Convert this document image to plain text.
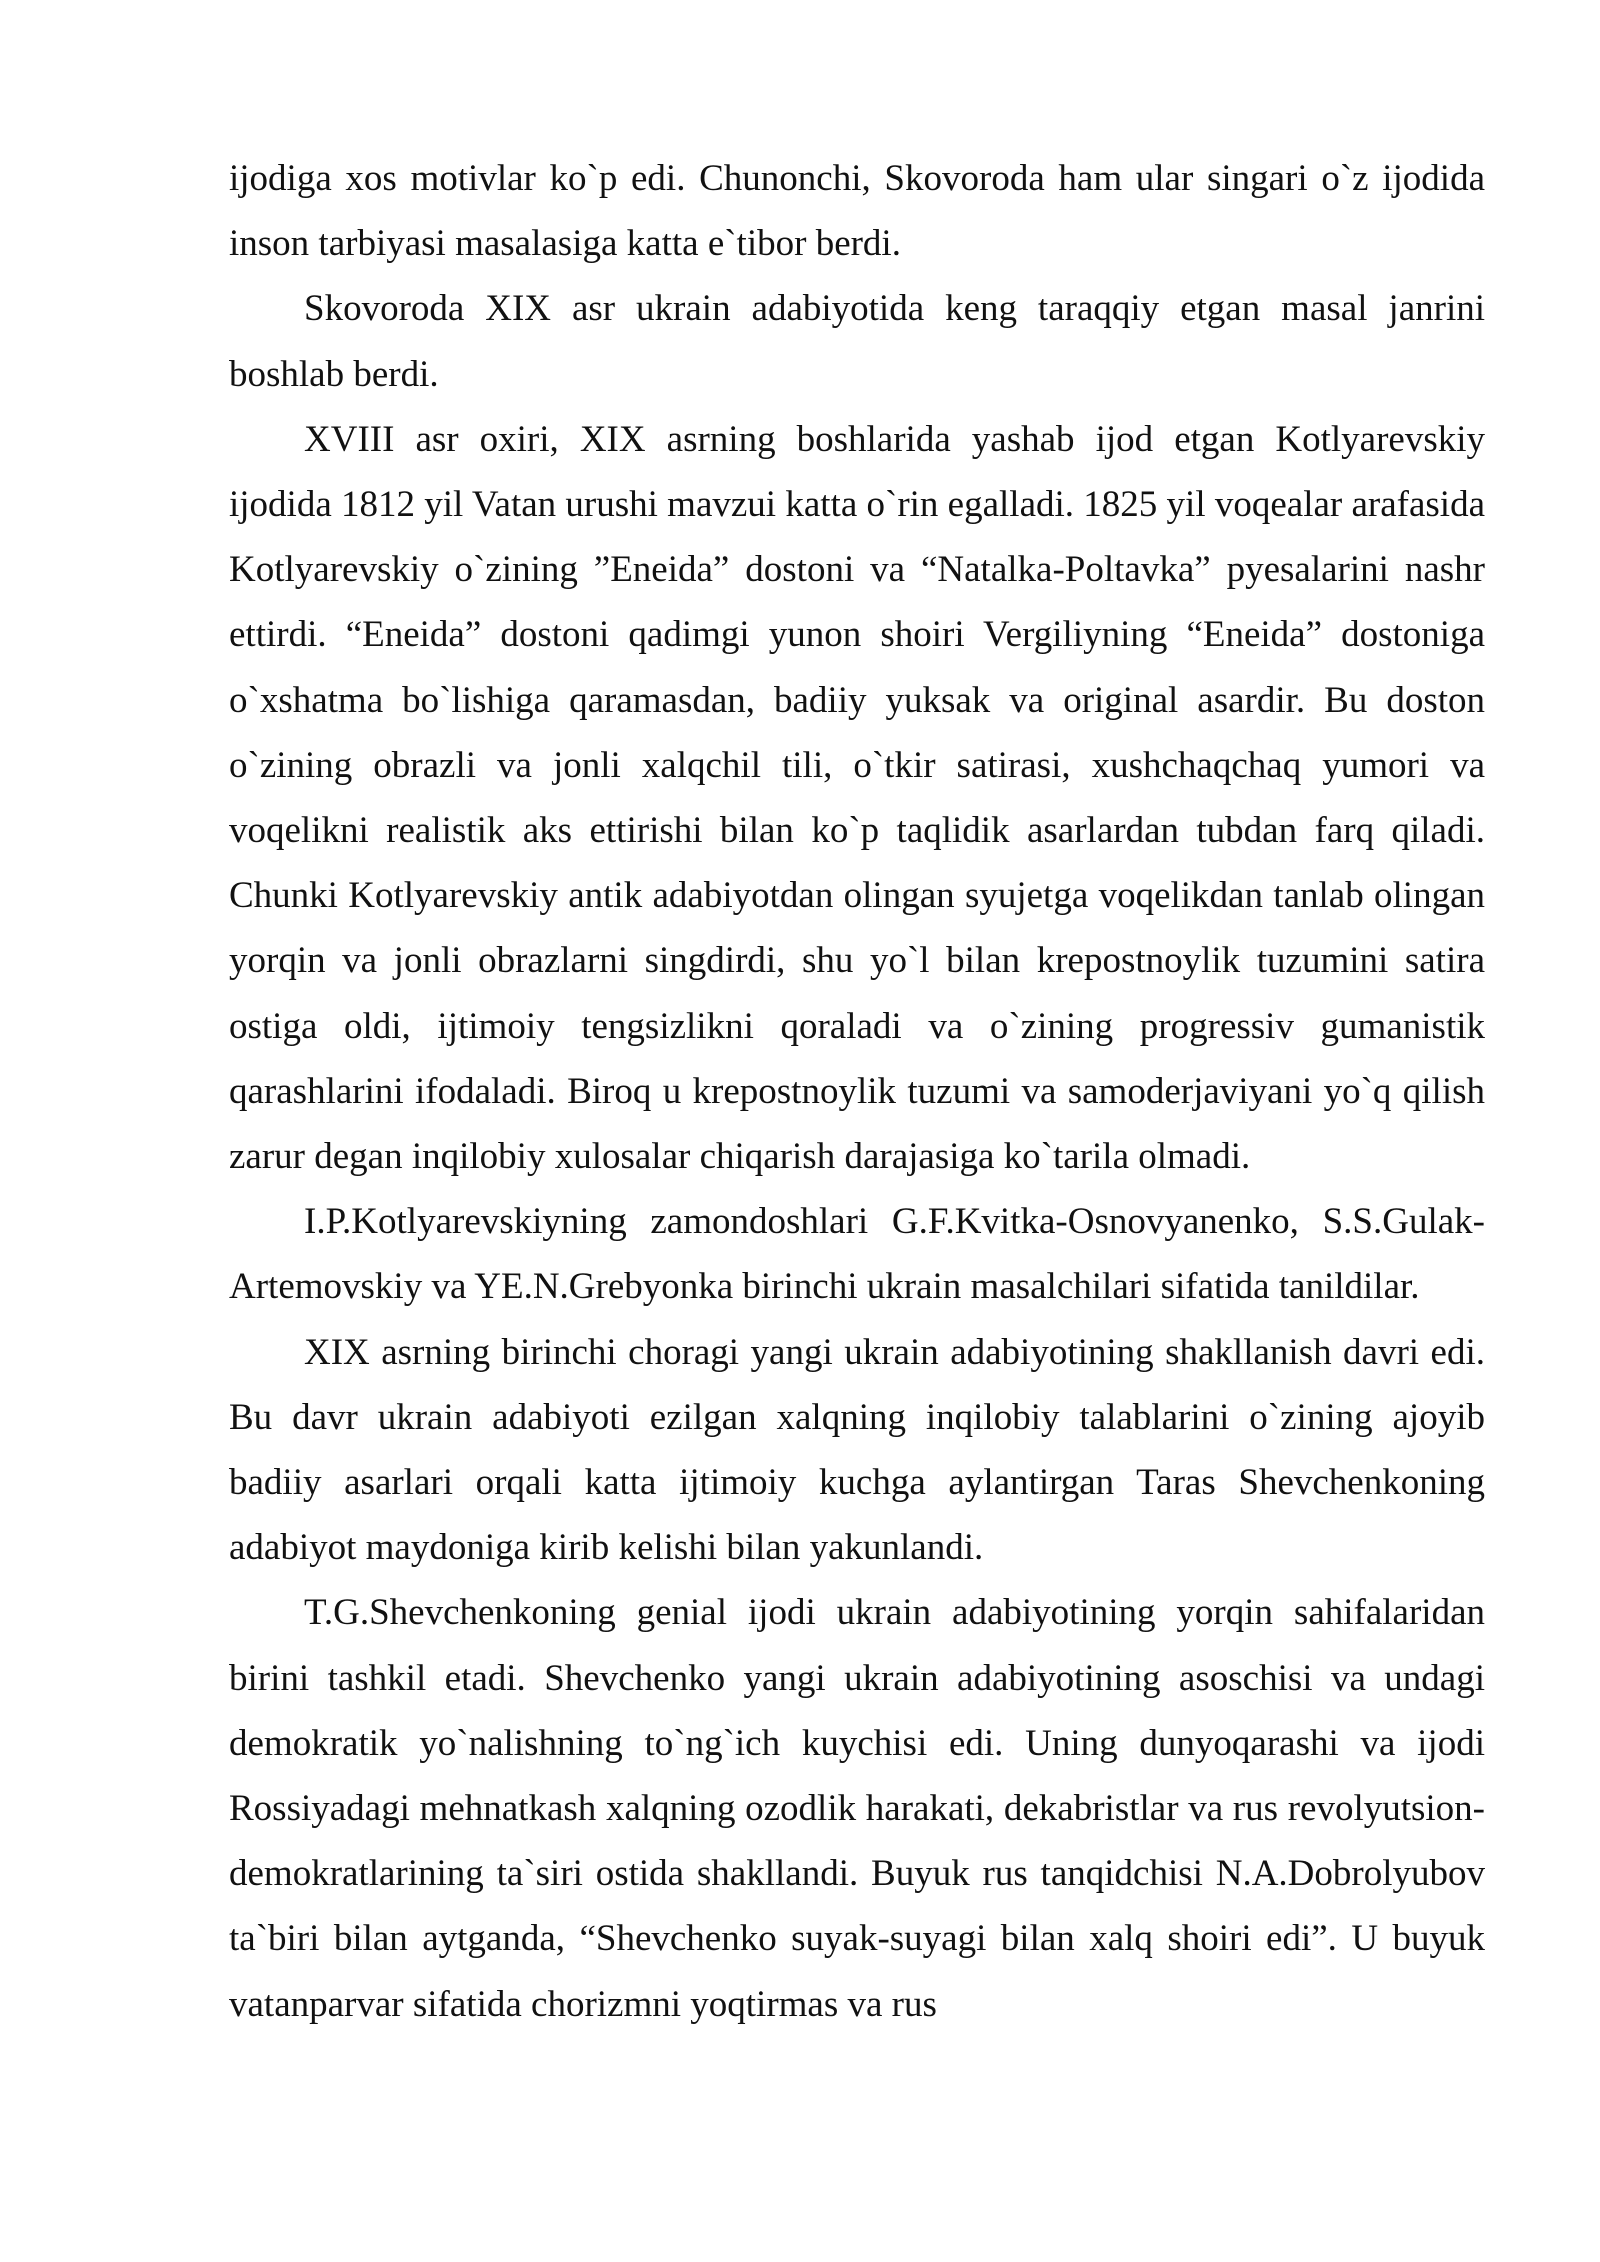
ijodiga xos motivlar ko`p edi. Chunonchi, Skovoroda ham ular singari o`z ijodida inson tarbiyasi masalasiga katta e`tibor berdi.

Skovoroda XIX asr ukrain adabiyotida keng taraqqiy etgan masal janrini boshlab berdi.

XVIII asr oxiri, XIX asrning boshlarida yashab ijod etgan Kotlyarevskiy ijodida 1812 yil Vatan urushi mavzui katta o`rin egalladi. 1825 yil voqealar arafasida Kotlyarevskiy o`zining ”Eneida” dostoni va “Natalka-Poltavka” pyesalarini nashr ettirdi. “Eneida” dostoni qadimgi yunon shoiri Vergiliyning “Eneida” dostoniga o`xshatma bo`lishiga qaramasdan, badiiy yuksak va original asardir. Bu doston o`zining obrazli va jonli xalqchil tili, o`tkir satirasi, xushchaqchaq yumori va voqelikni realistik aks ettirishi bilan ko`p taqlidik asarlardan tubdan farq qiladi. Chunki Kotlyarevskiy antik adabiyotdan olingan syujetga voqelikdan tanlab olingan yorqin va jonli obrazlarni singdirdi, shu yo`l bilan krepostnoylik tuzumini satira ostiga oldi, ijtimoiy tengsizlikni qoraladi va o`zining progressiv gumanistik qarashlarini ifodaladi. Biroq u krepostnoylik tuzumi va samoderjaviyani yo`q qilish zarur degan inqilobiy xulosalar chiqarish darajasiga ko`tarila olmadi.

I.P.Kotlyarevskiyning zamondoshlari G.F.Kvitka-Osnovyanenko, S.S.Gulak-Artemovskiy va YE.N.Grebyonka birinchi ukrain masalchilari sifatida tanildilar.

XIX asrning birinchi choragi yangi ukrain adabiyotining shakllanish davri edi. Bu davr ukrain adabiyoti ezilgan xalqning inqilobiy talablarini o`zining ajoyib badiiy asarlari orqali katta ijtimoiy kuchga aylantirgan Taras Shevchenkoning adabiyot maydoniga kirib kelishi bilan yakunlandi.

T.G.Shevchenkoning genial ijodi ukrain adabiyotining yorqin sahifalaridan birini tashkil etadi. Shevchenko yangi ukrain adabiyotining asoschisi va undagi demokratik yo`nalishning to`ng`ich kuychisi edi. Uning dunyoqarashi va ijodi Rossiyadagi mehnatkash xalqning ozodlik harakati, dekabristlar va rus revolyutsion-demokratlarining ta`siri ostida shakllandi. Buyuk rus tanqidchisi N.A.Dobrolyubov ta`biri bilan aytganda, “Shevchenko suyak-suyagi bilan xalq shoiri edi”. U buyuk vatanparvar sifatida chorizmni yoqtirmas va rus
